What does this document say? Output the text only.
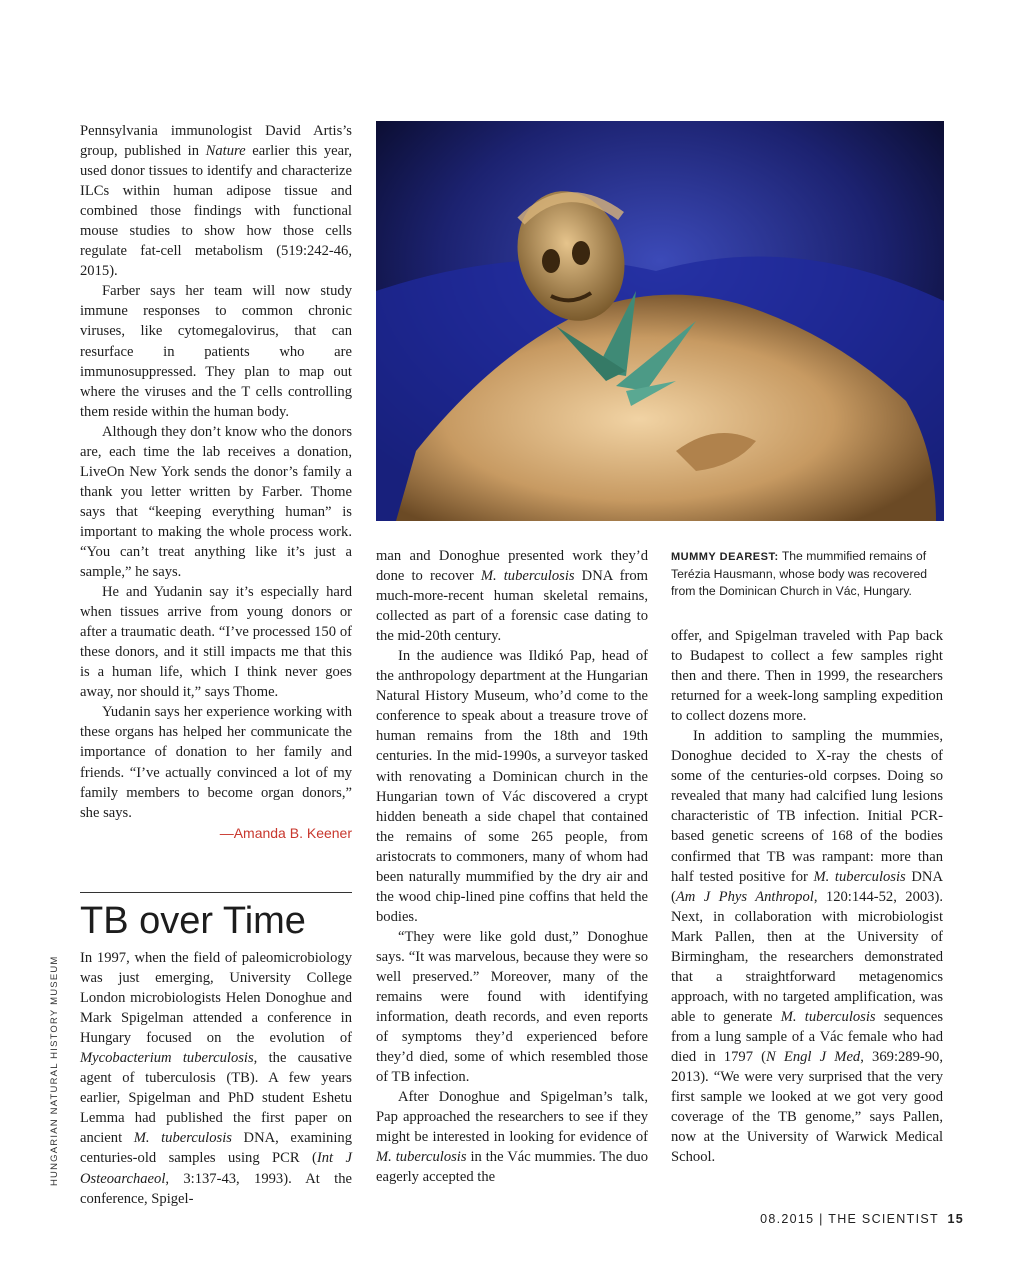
HUNGARIAN NATURAL HISTORY MUSEUM
MUMMY DEAREST: The mummified remains of Terézia Hausmann, whose body was recovered from the Dominican Church in Vác, Hungary.

Pennsylvania immunologist David Artis’s group, published in Nature earlier this year, used donor tissues to identify and characterize ILCs within human adipose tissue and combined those findings with functional mouse studies to show how those cells regulate fat-cell metabolism (519:242-46, 2015).

Farber says her team will now study immune responses to common chronic viruses, like cytomegalovirus, that can resurface in patients who are immunosuppressed. They plan to map out where the viruses and the T cells controlling them reside within the human body.

Although they don’t know who the donors are, each time the lab receives a donation, LiveOn New York sends the donor’s family a thank you letter written by Farber. Thome says that “keeping everything human” is important to making the whole process work. “You can’t treat anything like it’s just a sample,” he says.

He and Yudanin say it’s especially hard when tissues arrive from young donors or after a traumatic death. “I’ve processed 150 of these donors, and it still impacts me that this is a human life, which I think never goes away, nor should it,” says Thome.

Yudanin says her experience working with these organs has helped her communicate the importance of donation to her family and friends. “I’ve actually convinced a lot of my family members to become organ donors,” she says.

—Amanda B. Keener

TB over Time

In 1997, when the field of paleomicrobiology was just emerging, University College London microbiologists Helen Donoghue and Mark Spigelman attended a conference in Hungary focused on the evolution of Mycobacterium tuberculosis, the causative agent of tuberculosis (TB). A few years earlier, Spigelman and PhD student Eshetu Lemma had published the first paper on ancient M. tuberculosis DNA, examining centuries-old samples using PCR (Int J Osteoarchaeol, 3:137-43, 1993). At the conference, Spigel-

man and Donoghue presented work they’d done to recover M. tuberculosis DNA from much-more-recent human skeletal remains, collected as part of a forensic case dating to the mid-20th century.

In the audience was Ildikó Pap, head of the anthropology department at the Hungarian Natural History Museum, who’d come to the conference to speak about a treasure trove of human remains from the 18th and 19th centuries. In the mid-1990s, a surveyor tasked with renovating a Dominican church in the Hungarian town of Vác discovered a crypt hidden beneath a side chapel that contained the remains of some 265 people, from aristocrats to commoners, many of whom had been naturally mummified by the dry air and the wood chip-lined pine coffins that held the bodies.

“They were like gold dust,” Donoghue says. “It was marvelous, because they were so well preserved.” Moreover, many of the remains were found with identifying information, death records, and even reports of symptoms they’d experienced before they’d died, some of which resembled those of TB infection.

After Donoghue and Spigelman’s talk, Pap approached the researchers to see if they might be interested in looking for evidence of M. tuberculosis in the Vác mummies. The duo eagerly accepted the

offer, and Spigelman traveled with Pap back to Budapest to collect a few samples right then and there. Then in 1999, the researchers returned for a week-long sampling expedition to collect dozens more.

In addition to sampling the mummies, Donoghue decided to X-ray the chests of some of the centuries-old corpses. Doing so revealed that many had calcified lung lesions characteristic of TB infection. Initial PCR-based genetic screens of 168 of the bodies confirmed that TB was rampant: more than half tested positive for M. tuberculosis DNA (Am J Phys Anthropol, 120:144-52, 2003). Next, in collaboration with microbiologist Mark Pallen, then at the University of Birmingham, the researchers demonstrated that a straightforward metagenomics approach, with no targeted amplification, was able to generate M. tuberculosis sequences from a lung sample of a Vác female who had died in 1797 (N Engl J Med, 369:289-90, 2013). “We were very surprised that the very first sample we looked at we got very good coverage of the TB genome,” says Pallen, now at the University of Warwick Medical School.

08.2015 | THE SCIENTIST 15
